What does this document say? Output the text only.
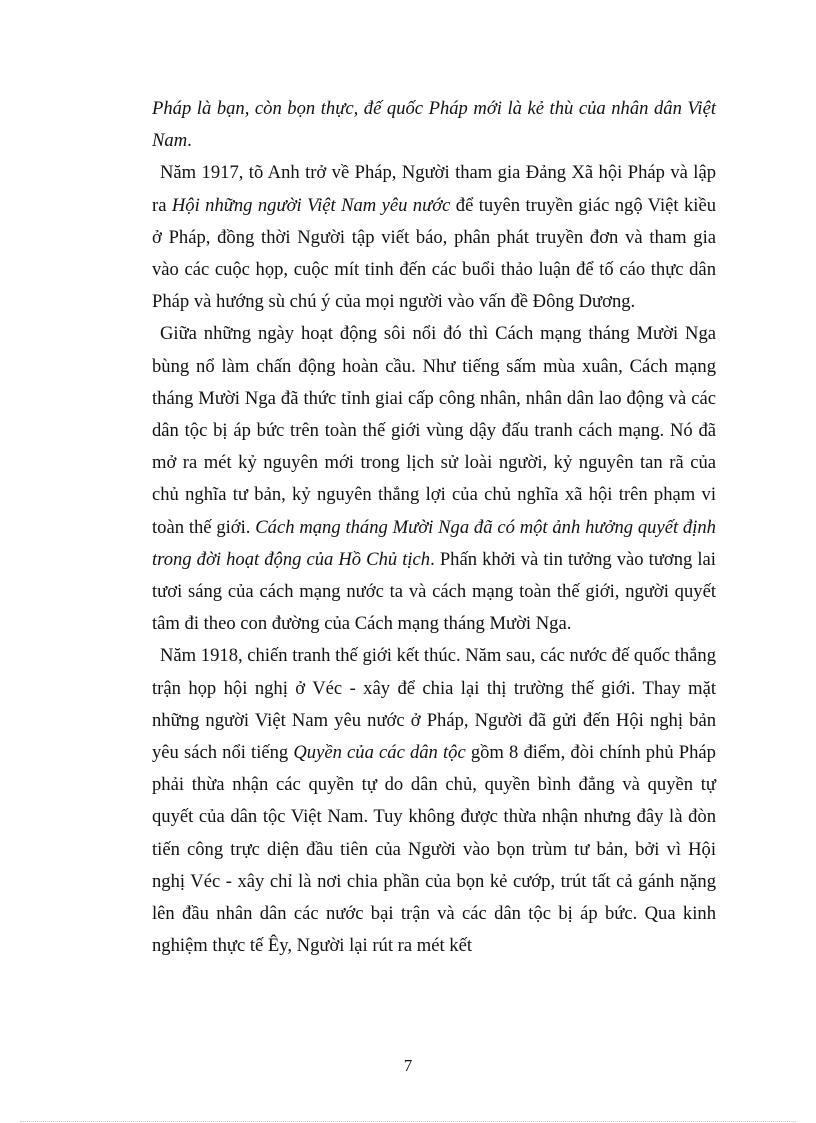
Pháp là bạn, còn bọn thực, đế quốc Pháp mới là kẻ thù của nhân dân Việt Nam.

Năm 1917, tõ Anh trở về Pháp, Người tham gia Đảng Xã hội Pháp và lập ra Hội những người Việt Nam yêu nước để tuyên truyền giác ngộ Việt kiều ở Pháp, đồng thời Người tập viết báo, phân phát truyền đơn và tham gia vào các cuộc họp, cuộc mít tinh đến các buổi thảo luận để tố cáo thực dân Pháp và hướng sù chú ý của mọi người vào vấn đề Đông Dương.

Giữa những ngày hoạt động sôi nổi đó thì Cách mạng tháng Mười Nga bùng nổ làm chấn động hoàn cầu. Như tiếng sấm mùa xuân, Cách mạng tháng Mười Nga đã thức tỉnh giai cấp công nhân, nhân dân lao động và các dân tộc bị áp bức trên toàn thế giới vùng dậy đấu tranh cách mạng. Nó đã mở ra mét kỷ nguyên mới trong lịch sử loài người, kỷ nguyên tan rã của chủ nghĩa tư bản, kỷ nguyên thắng lợi của chủ nghĩa xã hội trên phạm vi toàn thế giới. Cách mạng tháng Mười Nga đã có một ảnh hưởng quyết định trong đời hoạt động của Hồ Chủ tịch. Phấn khởi và tin tưởng vào tương lai tươi sáng của cách mạng nước ta và cách mạng toàn thế giới, người quyết tâm đi theo con đường của Cách mạng tháng Mười Nga.

Năm 1918, chiến tranh thế giới kết thúc. Năm sau, các nước đế quốc thắng trận họp hội nghị ở Véc - xây để chia lại thị trường thế giới. Thay mặt những người Việt Nam yêu nước ở Pháp, Người đã gửi đến Hội nghị bản yêu sách nổi tiếng Quyền của các dân tộc gồm 8 điểm, đòi chính phủ Pháp phải thừa nhận các quyền tự do dân chủ, quyền bình đẳng và quyền tự quyết của dân tộc Việt Nam. Tuy không được thừa nhận nhưng đây là đòn tiến công trực diện đầu tiên của Người vào bọn trùm tư bản, bởi vì Hội nghị Véc - xây chỉ là nơi chia phần của bọn kẻ cướp, trút tất cả gánh nặng lên đầu nhân dân các nước bại trận và các dân tộc bị áp bức. Qua kinh nghiệm thực tế Êy, Người lại rút ra mét kết

7
